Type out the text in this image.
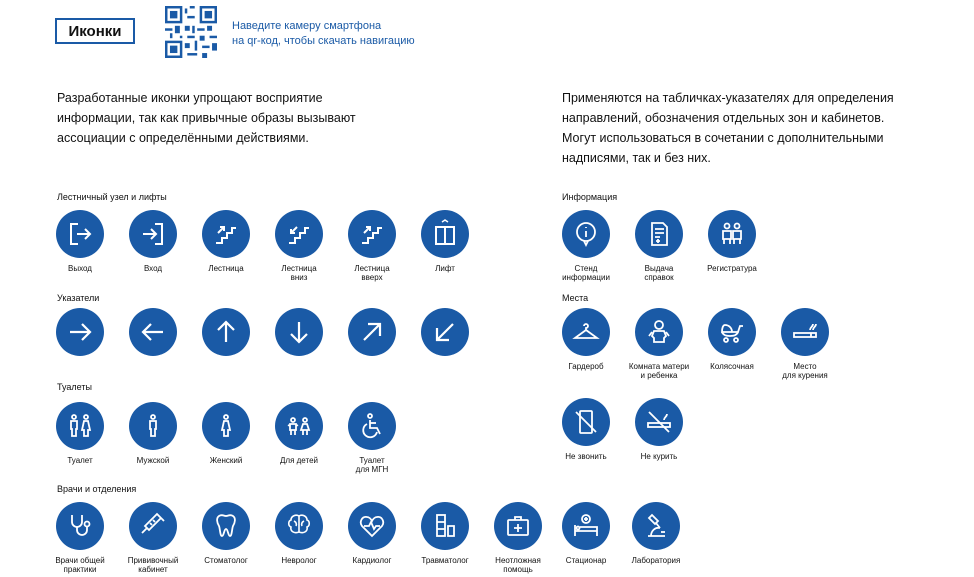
Иконки	Наведите камеру смартфона
на qr-код, чтобы скачать навигацию
Разработанные иконки упрощают восприятие
информации, так как привычные образы вызывают
ассоциации с определёнными действиями.
Применяются на табличках-указателях для определения
направлений, обозначения отдельных зон и кабинетов.
Могут использоваться в сочетании с дополнительными
надписями, так и без них.
Лестничный узел и лифты
Указатели
Туалеты
Врачи и отделения
Информация
Места
Выход	Вход	Лестница	Лестница
вниз
Лестница
вверх
Лифт
Туалет	Мужской	Женский	Для детей	Туалет
для МГН
Врачи общей
практики
Прививочный
кабинет
Стоматолог	Невролог	Кардиолог	Травматолог	Неотложная
помощь
Стационар	Лаборатория
Стенд
информации
Выдача
справок
Регистратура
Гардероб	Комната матери
и ребенка
Колясочная	Место
для курения
Не звонить	Не курить
